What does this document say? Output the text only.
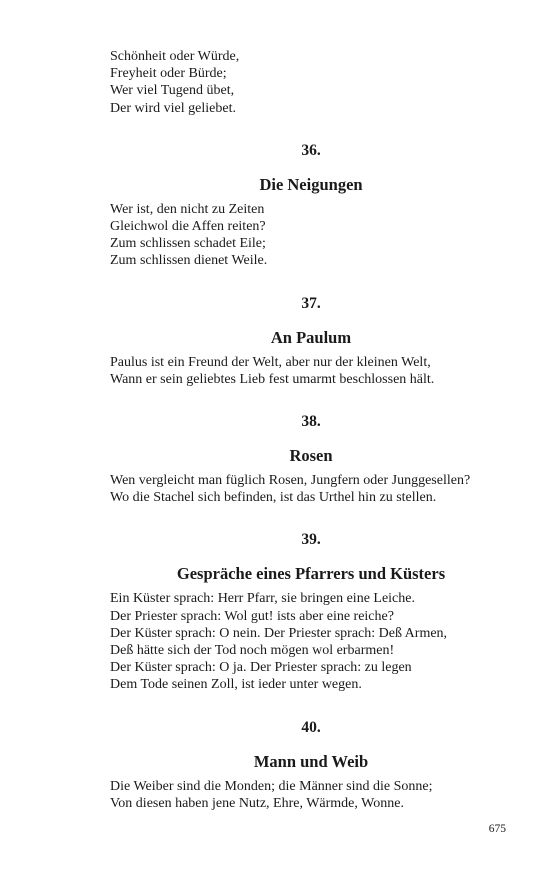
Schönheit oder Würde,
Freyheit oder Bürde;
Wer viel Tugend übet,
Der wird viel geliebet.
36.
Die Neigungen
Wer ist, den nicht zu Zeiten
Gleichwol die Affen reiten?
Zum schlissen schadet Eile;
Zum schlissen dienet Weile.
37.
An Paulum
Paulus ist ein Freund der Welt, aber nur der kleinen Welt,
Wann er sein geliebtes Lieb fest umarmt beschlossen hält.
38.
Rosen
Wen vergleicht man füglich Rosen, Jungfern oder Junggesellen?
Wo die Stachel sich befinden, ist das Urthel hin zu stellen.
39.
Gespräche eines Pfarrers und Küsters
Ein Küster sprach: Herr Pfarr, sie bringen eine Leiche.
Der Priester sprach: Wol gut! ists aber eine reiche?
Der Küster sprach: O nein. Der Priester sprach: Deß Armen,
Deß hätte sich der Tod noch mögen wol erbarmen!
Der Küster sprach: O ja. Der Priester sprach: zu legen
Dem Tode seinen Zoll, ist ieder unter wegen.
40.
Mann und Weib
Die Weiber sind die Monden; die Männer sind die Sonne;
Von diesen haben jene Nutz, Ehre, Wärmde, Wonne.
675
